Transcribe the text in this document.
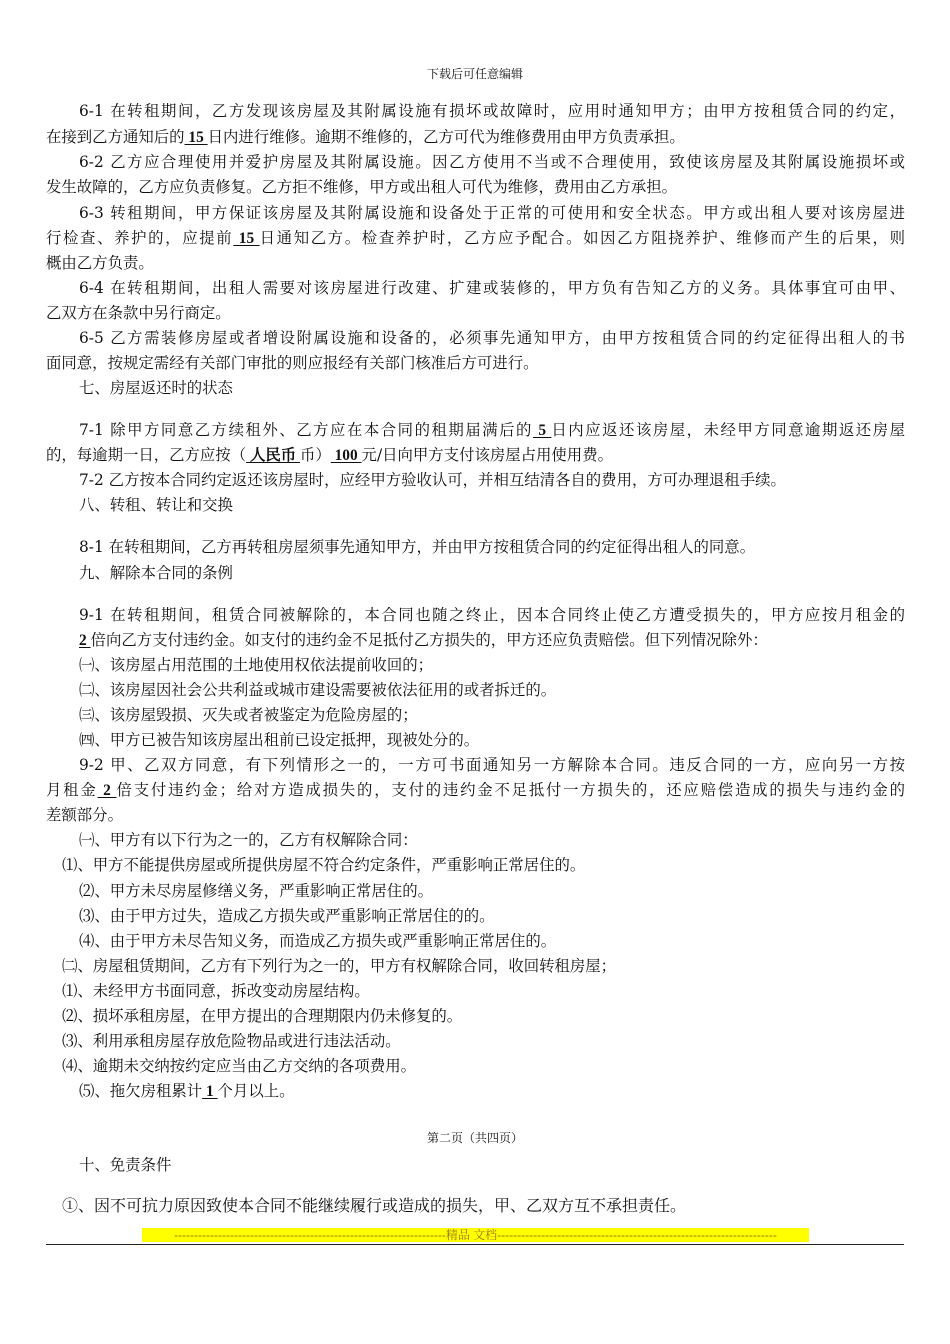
下载后可任意编辑
6-1 在转租期间，乙方发现该房屋及其附属设施有损坏或故障时，应用时通知甲方；由甲方按租赁合同的约定，
在接到乙方通知后的 15 日内进行维修。逾期不维修的，乙方可代为维修费用由甲方负责承担。
6-2 乙方应合理使用并爱护房屋及其附属设施。因乙方使用不当或不合理使用，致使该房屋及其附属设施损坏或
发生故障的，乙方应负责修复。乙方拒不维修，甲方或出租人可代为维修，费用由乙方承担。
6-3 转租期间，甲方保证该房屋及其附属设施和设备处于正常的可使用和安全状态。甲方或出租人要对该房屋进
行检查、养护的，应提前 15 日通知乙方。检查养护时，乙方应予配合。如因乙方阻挠养护、维修而产生的后果，则
概由乙方负责。
6-4 在转租期间，出租人需要对该房屋进行改建、扩建或装修的，甲方负有告知乙方的义务。具体事宜可由甲、
乙双方在条款中另行商定。
6-5 乙方需装修房屋或者增设附属设施和设备的，必须事先通知甲方，由甲方按租赁合同的约定征得出租人的书
面同意，按规定需经有关部门审批的则应报经有关部门核准后方可进行。
七、房屋返还时的状态
7-1 除甲方同意乙方续租外、乙方应在本合同的租期届满后的 5 日内应返还该房屋，未经甲方同意逾期返还房屋
的，每逾期一日，乙方应按（ 人民币 币） 100 元/日向甲方支付该房屋占用使用费。
7-2 乙方按本合同约定返还该房屋时，应经甲方验收认可，并相互结清各自的费用，方可办理退租手续。
八、转租、转让和交换
8-1 在转租期间，乙方再转租房屋须事先通知甲方，并由甲方按租赁合同的约定征得出租人的同意。
九、解除本合同的条例
9-1 在转租期间，租赁合同被解除的，本合同也随之终止，因本合同终止使乙方遭受损失的，甲方应按月租金的
2 倍向乙方支付违约金。如支付的违约金不足抵付乙方损失的，甲方还应负责赔偿。但下列情况除外：
㈠、该房屋占用范围的土地使用权依法提前收回的；
㈡、该房屋因社会公共利益或城市建设需要被依法征用的或者拆迁的。
㈢、该房屋毁损、灭失或者被鉴定为危险房屋的；
㈣、甲方已被告知该房屋出租前已设定抵押，现被处分的。
9-2 甲、乙双方同意，有下列情形之一的，一方可书面通知另一方解除本合同。违反合同的一方，应向另一方按
月租金 2 倍支付违约金；给对方造成损失的，支付的违约金不足抵付一方损失的，还应赔偿造成的损失与违约金的
差额部分。
㈠、甲方有以下行为之一的，乙方有权解除合同：
⑴、甲方不能提供房屋或所提供房屋不符合约定条件，严重影响正常居住的。
⑵、甲方未尽房屋修缮义务，严重影响正常居住的。
⑶、由于甲方过失，造成乙方损失或严重影响正常居住的的。
⑷、由于甲方未尽告知义务，而造成乙方损失或严重影响正常居住的。
㈡、房屋租赁期间，乙方有下列行为之一的，甲方有权解除合同，收回转租房屋；
⑴、未经甲方书面同意，拆改变动房屋结构。
⑵、损坏承租房屋，在甲方提出的合理期限内仍未修复的。
⑶、利用承租房屋存放危险物品或进行违法活动。
⑷、逾期未交纳按约定应当由乙方交纳的各项费用。
⑸、拖欠房租累计 1 个月以上。
第二页（共四页）
十、免责条件
①、因不可抗力原因致使本合同不能继续履行或造成的损失，甲、乙双方互不承担责任。
--------------------------------------------------------------------精品 文档----------------------------------------------------------------------
